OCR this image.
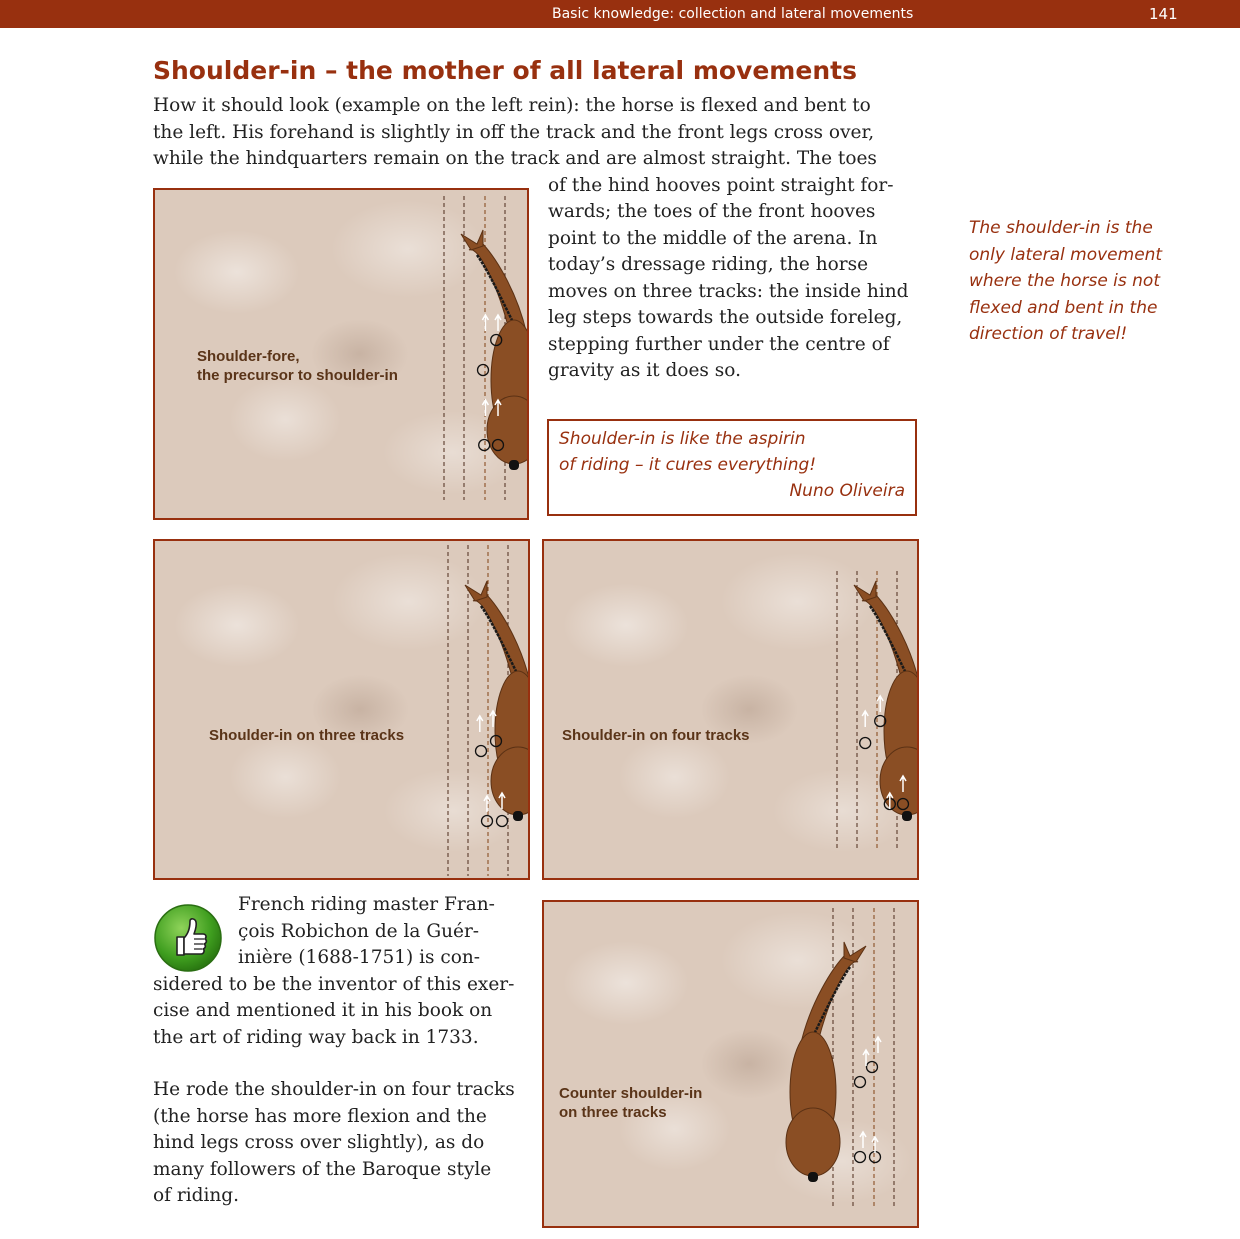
Basic knowledge: collection and lateral movements	141
Shoulder-in – the mother of all lateral movements

How it should look (example on the left rein): the horse is flexed and bent to
the left. His forehand is slightly in off the track and the front legs cross over,
while the hindquarters remain on the track and are almost straight. The toes
of the hind hooves point straight for-
wards; the toes of the front hooves
point to the middle of the arena. In
today’s dressage riding, the horse
moves on three tracks: the inside hind
leg steps towards the outside foreleg,
stepping further under the centre of
gravity as it does so.

The shoulder-in is the only lateral movement where the horse is not flexed and bent in the direction of travel!
Shoulder-in is like the aspirin
of riding – it cures everything!
Nuno Oliveira
Shoulder-fore,
the precursor to shoulder-in
Shoulder-in on three tracks	Shoulder-in on four tracks
Counter shoulder-in
on three tracks

French riding master Fran-
çois Robichon de la Guér-
inière (1688-1751) is con-
sidered to be the inventor of this exer-
cise and mentioned it in his book on
the art of riding way back in 1733.

He rode the shoulder-in on four tracks
(the horse has more flexion and the
hind legs cross over slightly), as do
many followers of the Baroque style
of riding.
